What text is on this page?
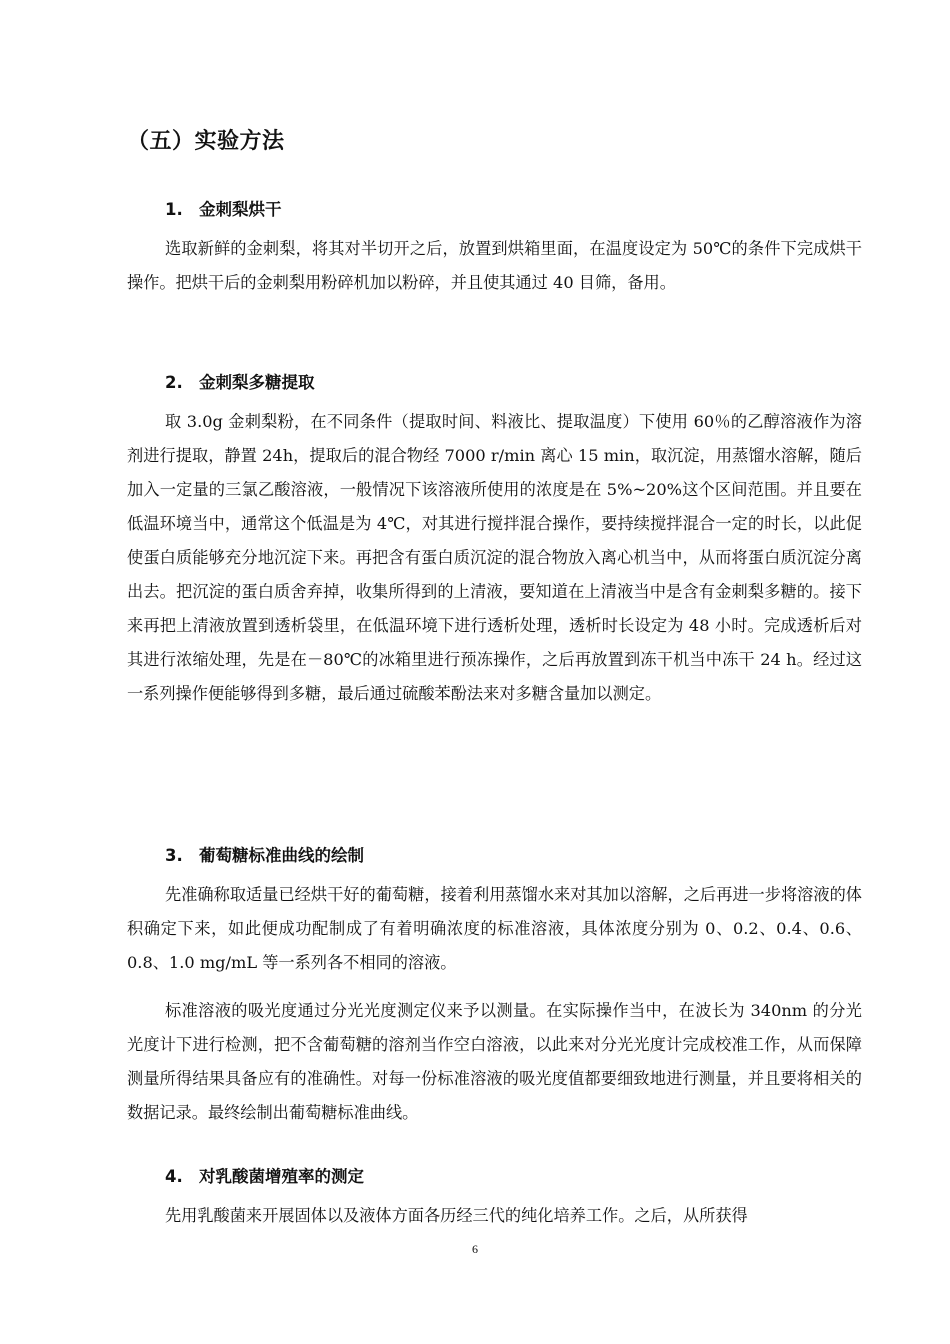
（五）实验方法
1. 金刺梨烘干

选取新鲜的金刺梨，将其对半切开之后，放置到烘箱里面，在温度设定为 50℃的条件下完成烘干操作。把烘干后的金刺梨用粉碎机加以粉碎，并且使其通过 40 目筛，备用。

2. 金刺梨多糖提取

取 3.0g 金刺梨粉，在不同条件（提取时间、料液比、提取温度）下使用 60％的乙醇溶液作为溶剂进行提取，静置 24h，提取后的混合物经 7000 r/min 离心 15 min，取沉淀，用蒸馏水溶解，随后加入一定量的三氯乙酸溶液，一般情况下该溶液所使用的浓度是在 5%~20%这个区间范围。并且要在低温环境当中，通常这个低温是为 4℃，对其进行搅拌混合操作，要持续搅拌混合一定的时长，以此促使蛋白质能够充分地沉淀下来。再把含有蛋白质沉淀的混合物放入离心机当中，从而将蛋白质沉淀分离出去。把沉淀的蛋白质舍弃掉，收集所得到的上清液，要知道在上清液当中是含有金刺梨多糖的。接下来再把上清液放置到透析袋里，在低温环境下进行透析处理，透析时长设定为 48 小时。完成透析后对其进行浓缩处理，先是在－80℃的冰箱里进行预冻操作，之后再放置到冻干机当中冻干 24 h。经过这一系列操作便能够得到多糖，最后通过硫酸苯酚法来对多糖含量加以测定。

3. 葡萄糖标准曲线的绘制

先准确称取适量已经烘干好的葡萄糖，接着利用蒸馏水来对其加以溶解，之后再进一步将溶液的体积确定下来，如此便成功配制成了有着明确浓度的标准溶液，具体浓度分别为 0、0.2、0.4、0.6、0.8、1.0 mg/mL 等一系列各不相同的溶液。

标准溶液的吸光度通过分光光度测定仪来予以测量。在实际操作当中，在波长为 340nm 的分光光度计下进行检测，把不含葡萄糖的溶剂当作空白溶液，以此来对分光光度计完成校准工作，从而保障测量所得结果具备应有的准确性。对每一份标准溶液的吸光度值都要细致地进行测量，并且要将相关的数据记录。最终绘制出葡萄糖标准曲线。

4. 对乳酸菌增殖率的测定

先用乳酸菌来开展固体以及液体方面各历经三代的纯化培养工作。之后，从所获得

6
